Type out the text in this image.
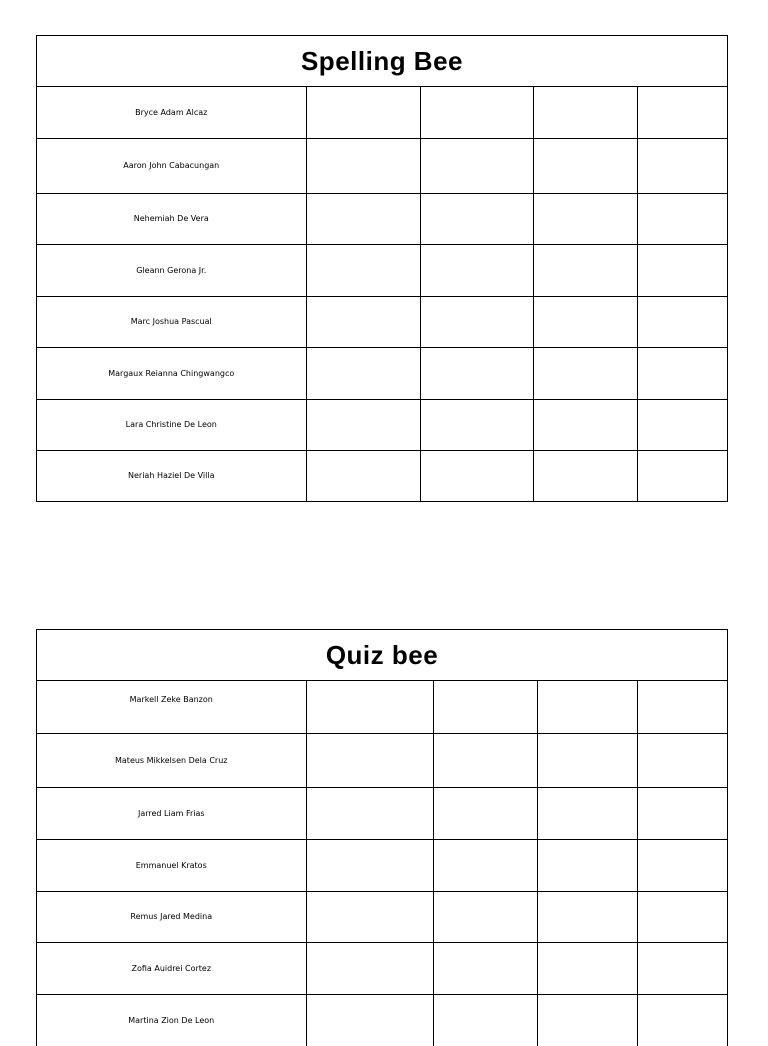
Spelling Bee
Bryce Adam Alcaz				
Aaron John Cabacungan				
Nehemiah De Vera				
Gleann Gerona Jr.				
Marc Joshua Pascual				
Margaux Reianna Chingwangco				
Lara Christine De Leon				
Neriah Haziel De Villa				
Quiz bee
Markell Zeke Banzon				
Mateus Mikkelsen Dela Cruz				
Jarred Liam Frias				
Emmanuel Kratos				
Remus Jared Medina				
Zofia Auidrei Cortez				
Martina Zion De Leon				
